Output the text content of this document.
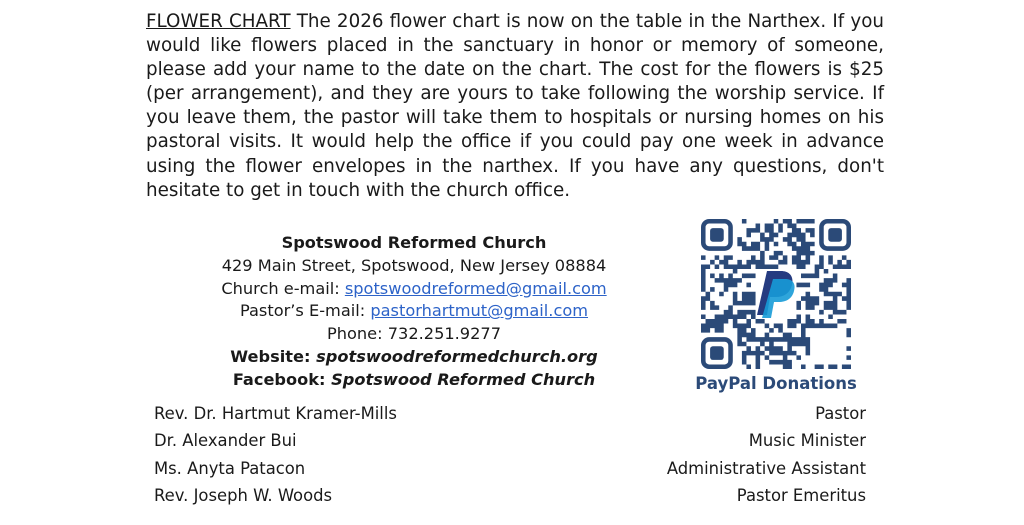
FLOWER CHART The 2026 flower chart is now on the table in the Narthex. If you would like flowers placed in the sanctuary in honor or memory of someone, please add your name to the date on the chart. The cost for the flowers is $25 (per arrangement), and they are yours to take following the worship service. If you leave them, the pastor will take them to hospitals or nursing homes on his pastoral visits. It would help the office if you could pay one week in advance using the flower envelopes in the narthex. If you have any questions, don't hesitate to get in touch with the church office.
Spotswood Reformed Church
429 Main Street, Spotswood, New Jersey 08884
Church e-mail: spotswoodreformed@gmail.com
Pastor’s E-mail: pastorhartmut@gmail.com
Phone: 732.251.9277
Website: spotswoodreformedchurch.org
Facebook: Spotswood Reformed Church	PayPal Donations
Rev. Dr. Hartmut Kramer-Mills	Pastor
Dr. Alexander Bui	Music Minister
Ms. Anyta Patacon	Administrative Assistant
Rev. Joseph W. Woods	Pastor Emeritus
